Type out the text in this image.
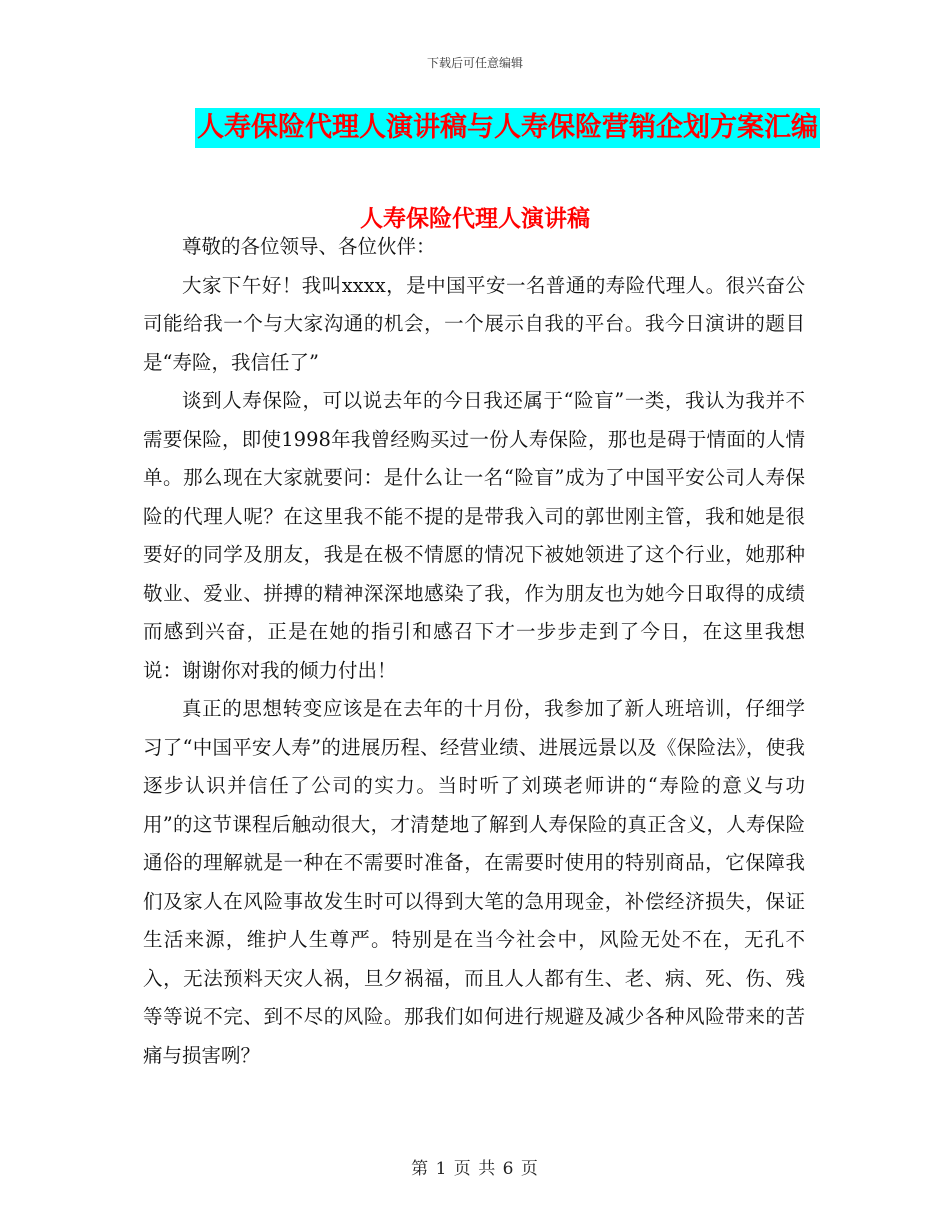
下载后可任意编辑
人寿保险代理人演讲稿与人寿保险营销企划方案汇编
人寿保险代理人演讲稿

尊敬的各位领导、各位伙伴：

大家下午好！我叫xxxx，是中国平安一名普通的寿险代理人。很兴奋公司能给我一个与大家沟通的机会，一个展示自我的平台。我今日演讲的题目是“寿险，我信任了”

谈到人寿保险，可以说去年的今日我还属于“险盲”一类，我认为我并不需要保险，即使1998年我曾经购买过一份人寿保险，那也是碍于情面的人情单。那么现在大家就要问：是什么让一名“险盲”成为了中国平安公司人寿保险的代理人呢？在这里我不能不提的是带我入司的郭世刚主管，我和她是很要好的同学及朋友，我是在极不情愿的情况下被她领进了这个行业，她那种敬业、爱业、拼搏的精神深深地感染了我，作为朋友也为她今日取得的成绩而感到兴奋，正是在她的指引和感召下才一步步走到了今日，在这里我想说：谢谢你对我的倾力付出！

真正的思想转变应该是在去年的十月份，我参加了新人班培训，仔细学习了“中国平安人寿”的进展历程、经营业绩、进展远景以及《保险法》，使我逐步认识并信任了公司的实力。当时听了刘瑛老师讲的“寿险的意义与功用”的这节课程后触动很大，才清楚地了解到人寿保险的真正含义，人寿保险通俗的理解就是一种在不需要时准备，在需要时使用的特别商品，它保障我们及家人在风险事故发生时可以得到大笔的急用现金，补偿经济损失，保证生活来源，维护人生尊严。特别是在当今社会中，风险无处不在，无孔不入，无法预料天灾人祸，旦夕祸福，而且人人都有生、老、病、死、伤、残等等说不完、到不尽的风险。那我们如何进行规避及减少各种风险带来的苦痛与损害咧？

第 1 页 共 6 页
